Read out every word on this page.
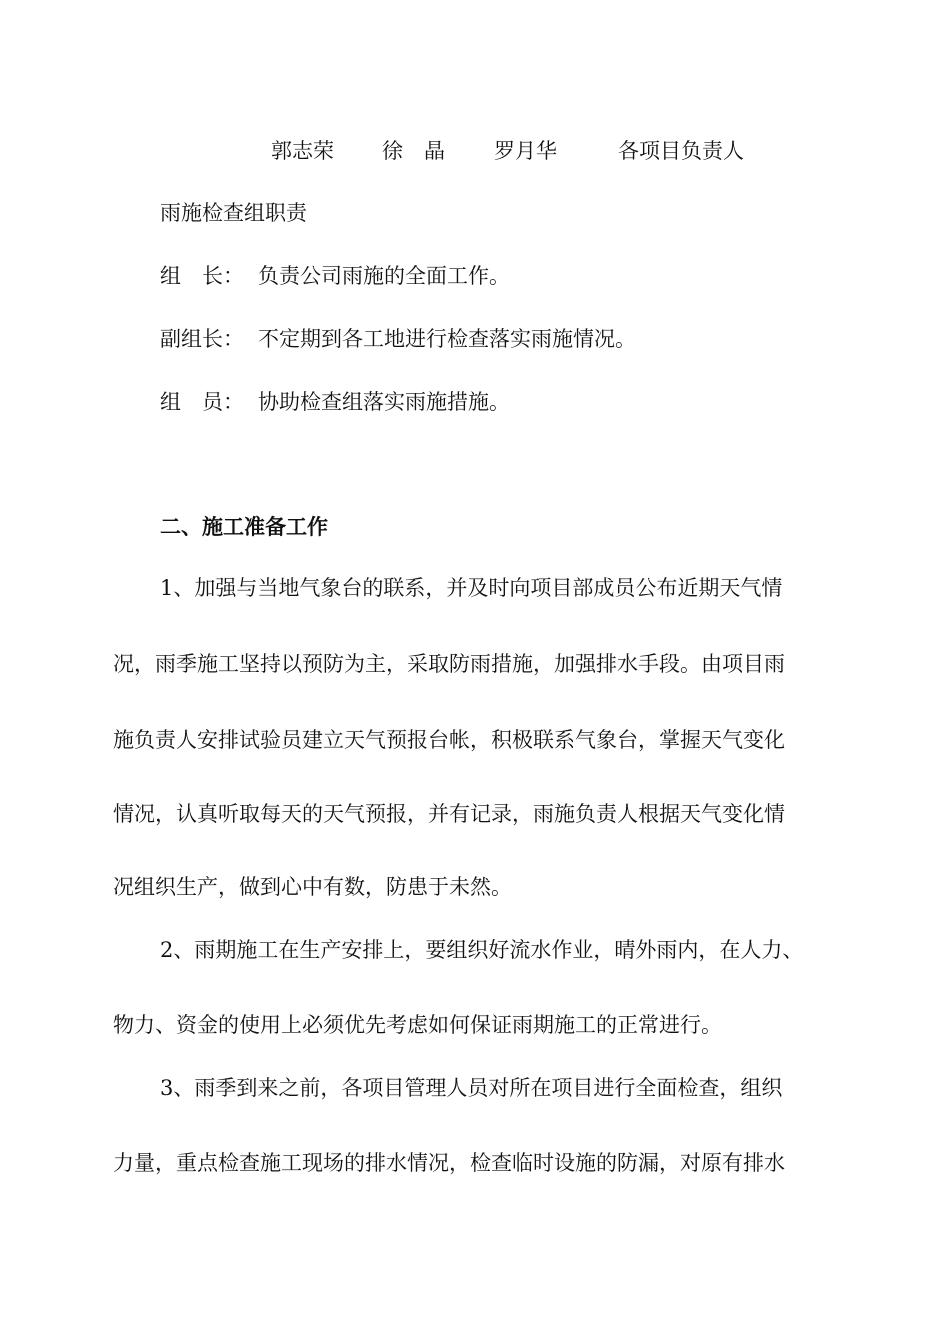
郭志荣 徐　晶 罗月华	各项目负责人
雨施检查组职责
组　长： 负责公司雨施的全面工作。
副组长： 不定期到各工地进行检查落实雨施情况。
组　员： 协助检查组落实雨施措施。
二、施工准备工作
1、加强与当地气象台的联系，并及时向项目部成员公布近期天气情
况，雨季施工坚持以预防为主，采取防雨措施，加强排水手段。由项目雨
施负责人安排试验员建立天气预报台帐，积极联系气象台，掌握天气变化
情况，认真听取每天的天气预报，并有记录，雨施负责人根据天气变化情
况组织生产，做到心中有数，防患于未然。
2、雨期施工在生产安排上，要组织好流水作业，晴外雨内，在人力、
物力、资金的使用上必须优先考虑如何保证雨期施工的正常进行。
3、雨季到来之前，各项目管理人员对所在项目进行全面检查，组织
力量，重点检查施工现场的排水情况，检查临时设施的防漏，对原有排水
